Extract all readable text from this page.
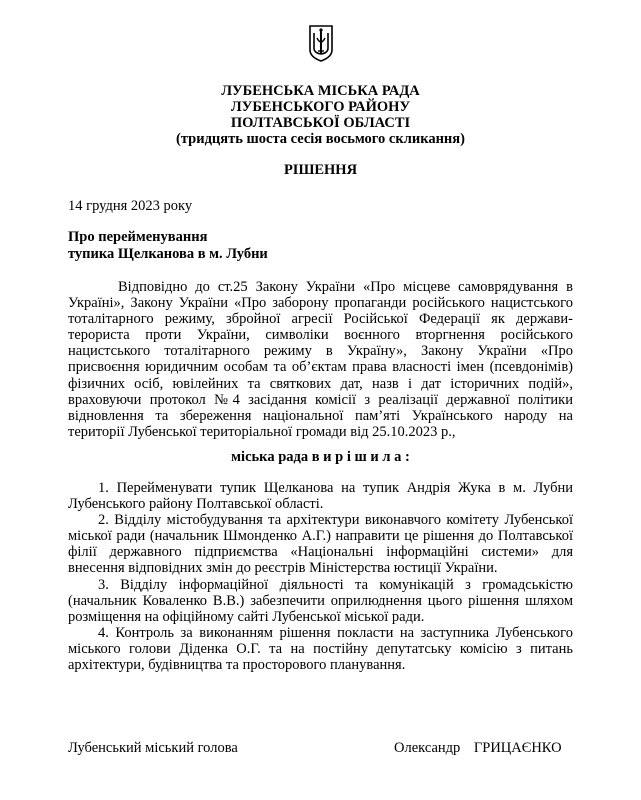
ЛУБЕНСЬКА МІСЬКА РАДА
ЛУБЕНСЬКОГО РАЙОНУ
ПОЛТАВСЬКОЇ ОБЛАСТІ
(тридцять шоста сесія восьмого скликання)
РІШЕННЯ
14 грудня 2023 року
Про перейменування
тупика Щелканова в м. Лубни

Відповідно до ст.25 Закону України «Про місцеве самоврядування в Україні», Закону України «Про заборону пропаганди російського нацистського тоталітарного режиму, збройної агресії Російської Федерації як держави-терориста проти України, символіки воєнного вторгнення російського нацистського тоталітарного режиму в Україну», Закону України «Про присвоєння юридичним особам та об’єктам права власності імен (псевдонімів) фізичних осіб, ювілейних та святкових дат, назв і дат історичних подій», враховуючи протокол №4 засідання комісії з реалізації державної політики відновлення та збереження національної пам’яті Українського народу на території Лубенської територіальної громади від 25.10.2023 р.,

міська рада в и р і ш и л а :

1. Перейменувати тупик Щелканова на тупик Андрія Жука в м. Лубни Лубенського району Полтавської області.

2. Відділу містобудування та архітектури виконавчого комітету Лубенської міської ради (начальник Шмонденко А.Г.) направити це рішення до Полтавської філії державного підприємства «Національні інформаційні системи» для внесення відповідних змін до реєстрів Міністерства юстиції України.

3. Відділу інформаційної діяльності та комунікацій з громадськістю (начальник Коваленко В.В.) забезпечити оприлюднення цього рішення шляхом розміщення на офіційному сайті Лубенської міської ради.

4. Контроль за виконанням рішення покласти на заступника Лубенського міського голови Діденка О.Г. та на постійну депутатську комісію з питань архітектури, будівництва та просторового планування.

Лубенський міський голова	Олександр ГРИЦАЄНКО
